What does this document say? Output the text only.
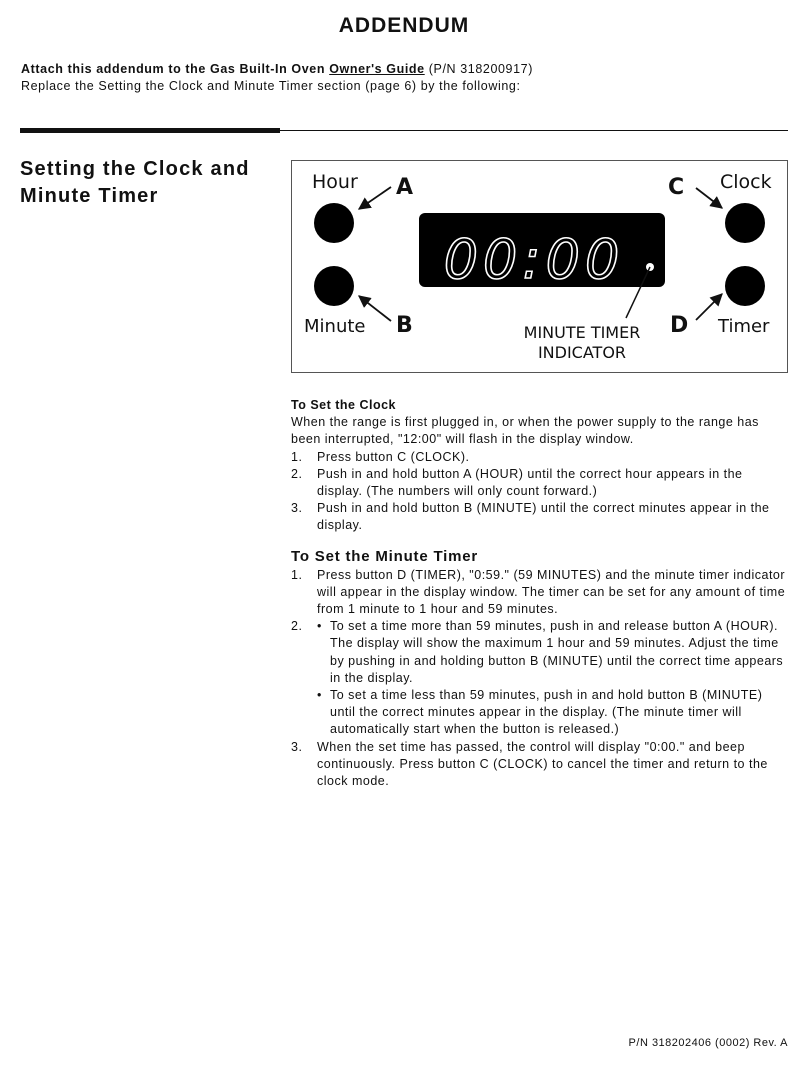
ADDENDUM
Attach this addendum to the Gas Built-In Oven Owner's Guide (P/N 318200917)
Replace the Setting the Clock and Minute Timer section (page 6) by the following:
Setting the Clock and
Minute Timer
Hour A
Minute B
C Clock
D Timer
00:00
MINUTE TIMER
INDICATOR

To Set the Clock

When the range is first plugged in, or when the power supply to the range has been interrupted, "12:00" will flash in the display window.

1. Press button C (CLOCK).
2. Push in and hold button A (HOUR) until the correct hour appears in the display. (The numbers will only count forward.)
3. Push in and hold button B (MINUTE) until the correct minutes appear in the display.

To Set the Minute Timer

1. Press button D (TIMER), "0:59." (59 MINUTES) and the minute timer indicator will appear in the display window. The timer can be set for any amount of time from 1 minute to 1 hour and 59 minutes.
2. • To set a time more than 59 minutes, push in and release button A (HOUR). The display will show the maximum 1 hour and 59 minutes. Adjust the time by pushing in and holding button B (MINUTE) until the correct time appears in the display.
• To set a time less than 59 minutes, push in and hold button B (MINUTE) until the correct minutes appear in the display. (The minute timer will automatically start when the button is released.)
3. When the set time has passed, the control will display "0:00." and beep continuously. Press button C (CLOCK) to cancel the timer and return to the clock mode.
P/N 318202406 (0002) Rev. A
